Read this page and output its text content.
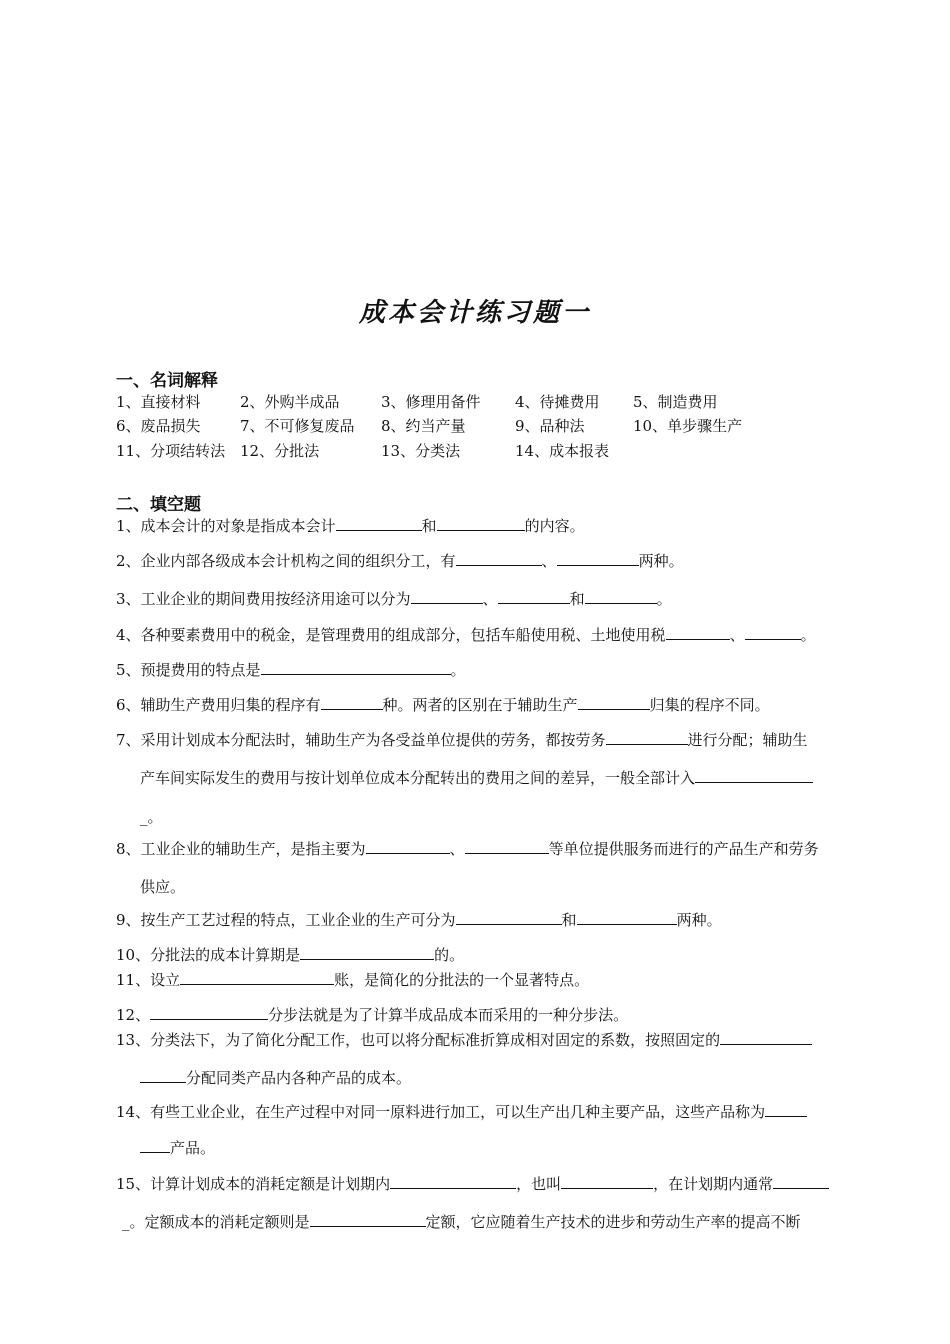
成本会计练习题一
一、名词解释
1、直接材料	2、外购半成品	3、修理用备件 4、待摊费用 5、制造费用
6、废品损失	7、不可修复废品 8、约当产量	9、品种法	10、单步骤生产
11、分项结转法 12、分批法	13、分类法	14、成本报表
二、填空题
1、成本会计的对象是指成本会计	和	的内容。
2、企业内部各级成本会计机构之间的组织分工，有	、	两种。
3、工业企业的期间费用按经济用途可以分为	、	和	。
4、各种要素费用中的税金，是管理费用的组成部分，包括车船使用税、土地使用税	、	。
5、预提费用的特点是	。
6、辅助生产费用归集的程序有	种。两者的区别在于辅助生产	归集的程序不同。
7、采用计划成本分配法时，辅助生产为各受益单位提供的劳务，都按劳务	进行分配；辅助生
产车间实际发生的费用与按计划单位成本分配转出的费用之间的差异，一般全部计入
_。
8、工业企业的辅助生产，是指主要为	、	等单位提供服务而进行的产品生产和劳务
供应。
9、按生产工艺过程的特点，工业企业的生产可分为	和	两种。
10、分批法的成本计算期是	的。
11、设立	账，是简化的分批法的一个显著特点。
12、	分步法就是为了计算半成品成本而采用的一种分步法。
13、分类法下，为了简化分配工作，也可以将分配标准折算成相对固定的系数，按照固定的
分配同类产品内各种产品的成本。
14、有些工业企业，在生产过程中对同一原料进行加工，可以生产出几种主要产品，这些产品称为
产品。
15、计算计划成本的消耗定额是计划期内	，也叫	，在计划期内通常
_。定额成本的消耗定额则是	定额，它应随着生产技术的进步和劳动生产率的提高不断
